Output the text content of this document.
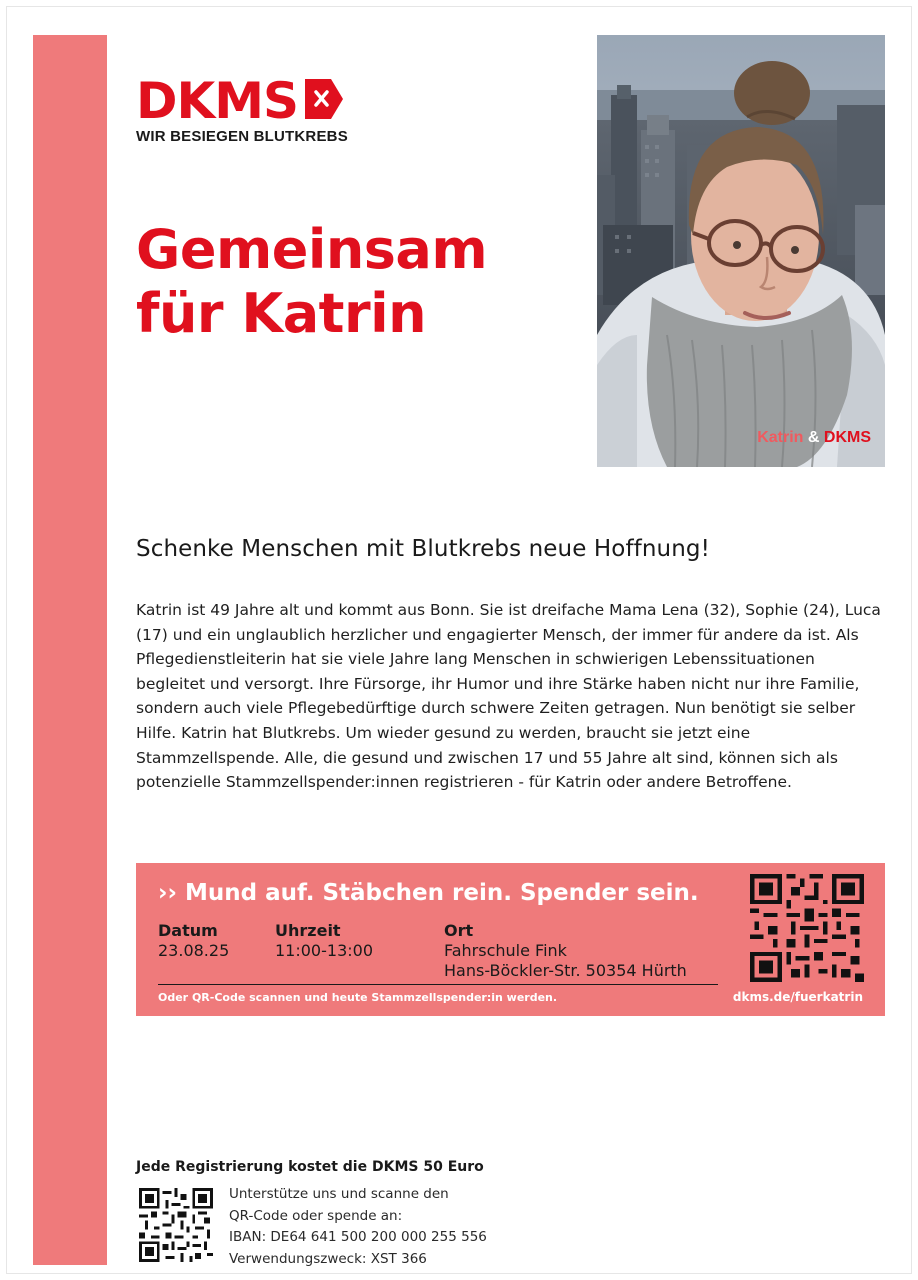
DKMS
WIR BESIEGEN BLUTKREBS
Gemeinsam
für Katrin
Katrin & DKMS
Schenke Menschen mit Blutkrebs neue Hoffnung!
Katrin ist 49 Jahre alt und kommt aus Bonn. Sie ist dreifache Mama Lena (32), Sophie (24), Luca (17) und ein unglaublich herzlicher und engagierter Mensch, der immer für andere da ist. Als Pflegedienstleiterin hat sie viele Jahre lang Menschen in schwierigen Lebenssituationen begleitet und versorgt. Ihre Fürsorge, ihr Humor und ihre Stärke haben nicht nur ihre Familie, sondern auch viele Pflegebedürftige durch schwere Zeiten getragen. Nun benötigt sie selber Hilfe. Katrin hat Blutkrebs. Um wieder gesund zu werden, braucht sie jetzt eine Stammzellspende. Alle, die gesund und zwischen 17 und 55 Jahre alt sind, können sich als potenzielle Stammzellspender:innen registrieren - für Katrin oder andere Betroffene.
›› Mund auf. Stäbchen rein. Spender sein.
Datum
23.08.25
Uhrzeit
11:00-13:00
Ort
Fahrschule Fink
Hans-Böckler-Str. 50354 Hürth
Oder QR-Code scannen und heute Stammzellspender:in werden.	dkms.de/fuerkatrin
Jede Registrierung kostet die DKMS 50 Euro
Unterstütze uns und scanne den
QR-Code oder spende an:
IBAN: DE64 641 500 200 000 255 556
Verwendungszweck: XST 366
